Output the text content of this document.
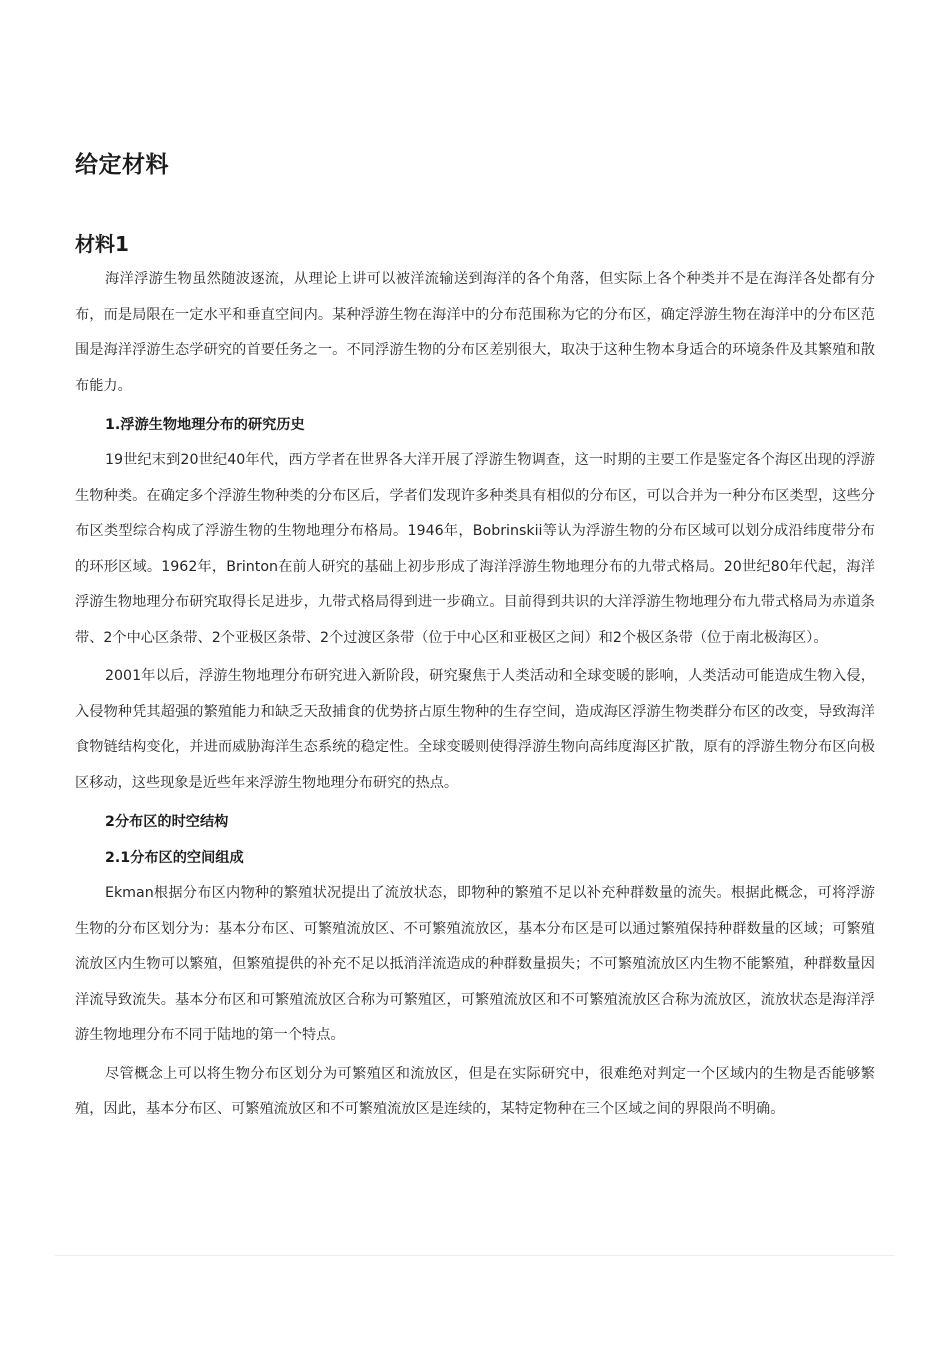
给定材料
材料1

海洋浮游生物虽然随波逐流，从理论上讲可以被洋流输送到海洋的各个角落，但实际上各个种类并不是在海洋各处都有分布，而是局限在一定水平和垂直空间内。某种浮游生物在海洋中的分布范围称为它的分布区，确定浮游生物在海洋中的分布区范围是海洋浮游生态学研究的首要任务之一。不同浮游生物的分布区差别很大，取决于这种生物本身适合的环境条件及其繁殖和散布能力。

1.浮游生物地理分布的研究历史

19世纪末到20世纪40年代，西方学者在世界各大洋开展了浮游生物调查，这一时期的主要工作是鉴定各个海区出现的浮游生物种类。在确定多个浮游生物种类的分布区后，学者们发现许多种类具有相似的分布区，可以合并为一种分布区类型，这些分布区类型综合构成了浮游生物的生物地理分布格局。1946年，Bobrinskii等认为浮游生物的分布区域可以划分成沿纬度带分布的环形区域。1962年，Brinton在前人研究的基础上初步形成了海洋浮游生物地理分布的九带式格局。20世纪80年代起，海洋浮游生物地理分布研究取得长足进步，九带式格局得到进一步确立。目前得到共识的大洋浮游生物地理分布九带式格局为赤道条带、2个中心区条带、2个亚极区条带、2个过渡区条带（位于中心区和亚极区之间）和2个极区条带（位于南北极海区）。

2001年以后，浮游生物地理分布研究进入新阶段，研究聚焦于人类活动和全球变暖的影响，人类活动可能造成生物入侵，入侵物种凭其超强的繁殖能力和缺乏天敌捕食的优势挤占原生物种的生存空间，造成海区浮游生物类群分布区的改变，导致海洋食物链结构变化，并进而威胁海洋生态系统的稳定性。全球变暖则使得浮游生物向高纬度海区扩散，原有的浮游生物分布区向极区移动，这些现象是近些年来浮游生物地理分布研究的热点。

2分布区的时空结构

2.1分布区的空间组成

Ekman根据分布区内物种的繁殖状况提出了流放状态，即物种的繁殖不足以补充种群数量的流失。根据此概念，可将浮游生物的分布区划分为：基本分布区、可繁殖流放区、不可繁殖流放区，基本分布区是可以通过繁殖保持种群数量的区域；可繁殖流放区内生物可以繁殖，但繁殖提供的补充不足以抵消洋流造成的种群数量损失；不可繁殖流放区内生物不能繁殖，种群数量因洋流导致流失。基本分布区和可繁殖流放区合称为可繁殖区，可繁殖流放区和不可繁殖流放区合称为流放区，流放状态是海洋浮游生物地理分布不同于陆地的第一个特点。

尽管概念上可以将生物分布区划分为可繁殖区和流放区，但是在实际研究中，很难绝对判定一个区域内的生物是否能够繁殖，因此，基本分布区、可繁殖流放区和不可繁殖流放区是连续的，某特定物种在三个区域之间的界限尚不明确。
